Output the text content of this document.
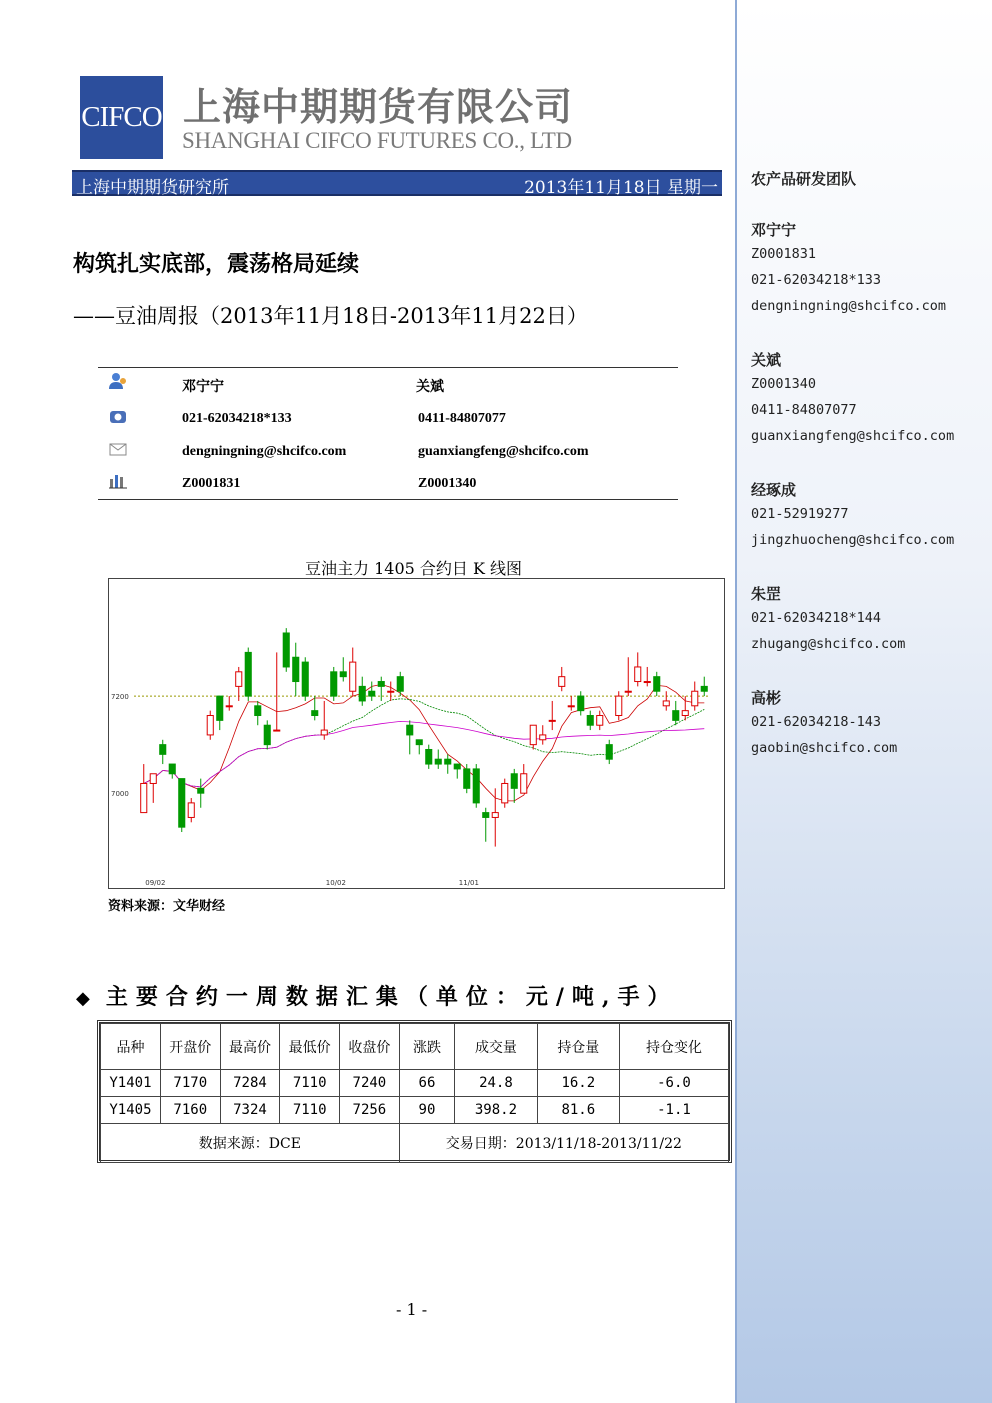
CIFCO 上海中期期货有限公司
SHANGHAI CIFCO FUTURES CO., LTD
上海中期期货研究所	2013年11月18日 星期一
构筑扎实底部，震荡格局延续
——豆油周报（2013年11月18日-2013年11月22日）
邓宁宁	关斌
021-62034218*133	0411-84807077
dengningning@shcifco.com	guanxiangfeng@shcifco.com
Z0001831	Z0001340
豆油主力 1405 合约日 K 线图
7000
7200
09/02	10/02	11/01
资料来源：文华财经
◆ 主要合约一周数据汇集（单位：元/吨,手）
品种	开盘价	最高价	最低价	收盘价	涨跌	成交量	持仓量	持仓变化
Y1401	7170	7284	7110	7240	66	24.8	16.2	-6.0
Y1405	7160	7324	7110	7256	90	398.2	81.6	-1.1
数据来源：DCE					交易日期：2013/11/18-2013/11/22			
- 1 -
农产品研发团队
邓宁宁
Z0001831
021-62034218*133
dengningning@shcifco.com
关斌
Z0001340
0411-84807077
guanxiangfeng@shcifco.com
经琢成
021-52919277
jingzhuocheng@shcifco.com
朱罡
021-62034218*144
zhugang@shcifco.com
高彬
021-62034218-143
gaobin@shcifco.com
